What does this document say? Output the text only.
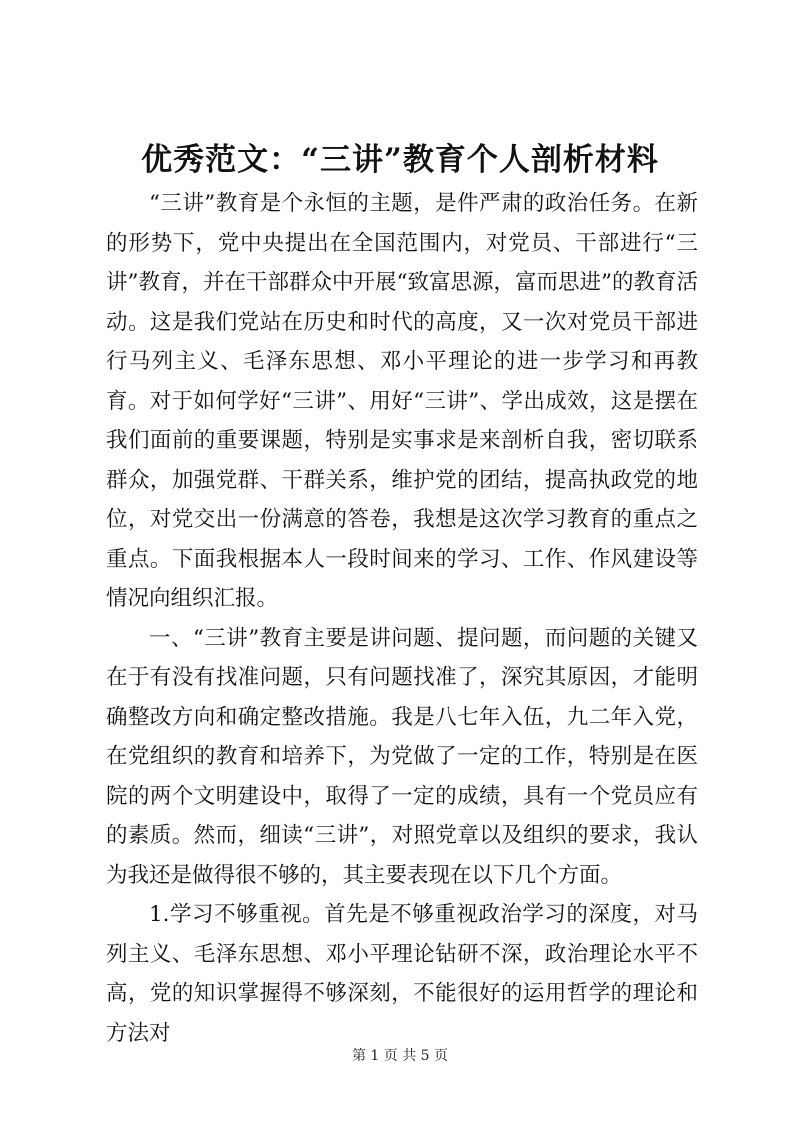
优秀范文：“三讲”教育个人剖析材料

“三讲”教育是个永恒的主题，是件严肃的政治任务。在新的形势下，党中央提出在全国范围内，对党员、干部进行“三讲”教育，并在干部群众中开展“致富思源，富而思进”的教育活动。这是我们党站在历史和时代的高度，又一次对党员干部进行马列主义、毛泽东思想、邓小平理论的进一步学习和再教育。对于如何学好“三讲”、用好“三讲”、学出成效，这是摆在我们面前的重要课题，特别是实事求是来剖析自我，密切联系群众，加强党群、干群关系，维护党的团结，提高执政党的地位，对党交出一份满意的答卷，我想是这次学习教育的重点之重点。下面我根据本人一段时间来的学习、工作、作风建设等情况向组织汇报。

一、“三讲”教育主要是讲问题、提问题，而问题的关键又在于有没有找准问题，只有问题找准了，深究其原因，才能明确整改方向和确定整改措施。我是八七年入伍，九二年入党，在党组织的教育和培养下，为党做了一定的工作，特别是在医院的两个文明建设中，取得了一定的成绩，具有一个党员应有的素质。然而，细读“三讲”，对照党章以及组织的要求，我认为我还是做得很不够的，其主要表现在以下几个方面。

1.学习不够重视。首先是不够重视政治学习的深度，对马列主义、毛泽东思想、邓小平理论钻研不深，政治理论水平不高，党的知识掌握得不够深刻，不能很好的运用哲学的理论和方法对

第 1 页 共 5 页
